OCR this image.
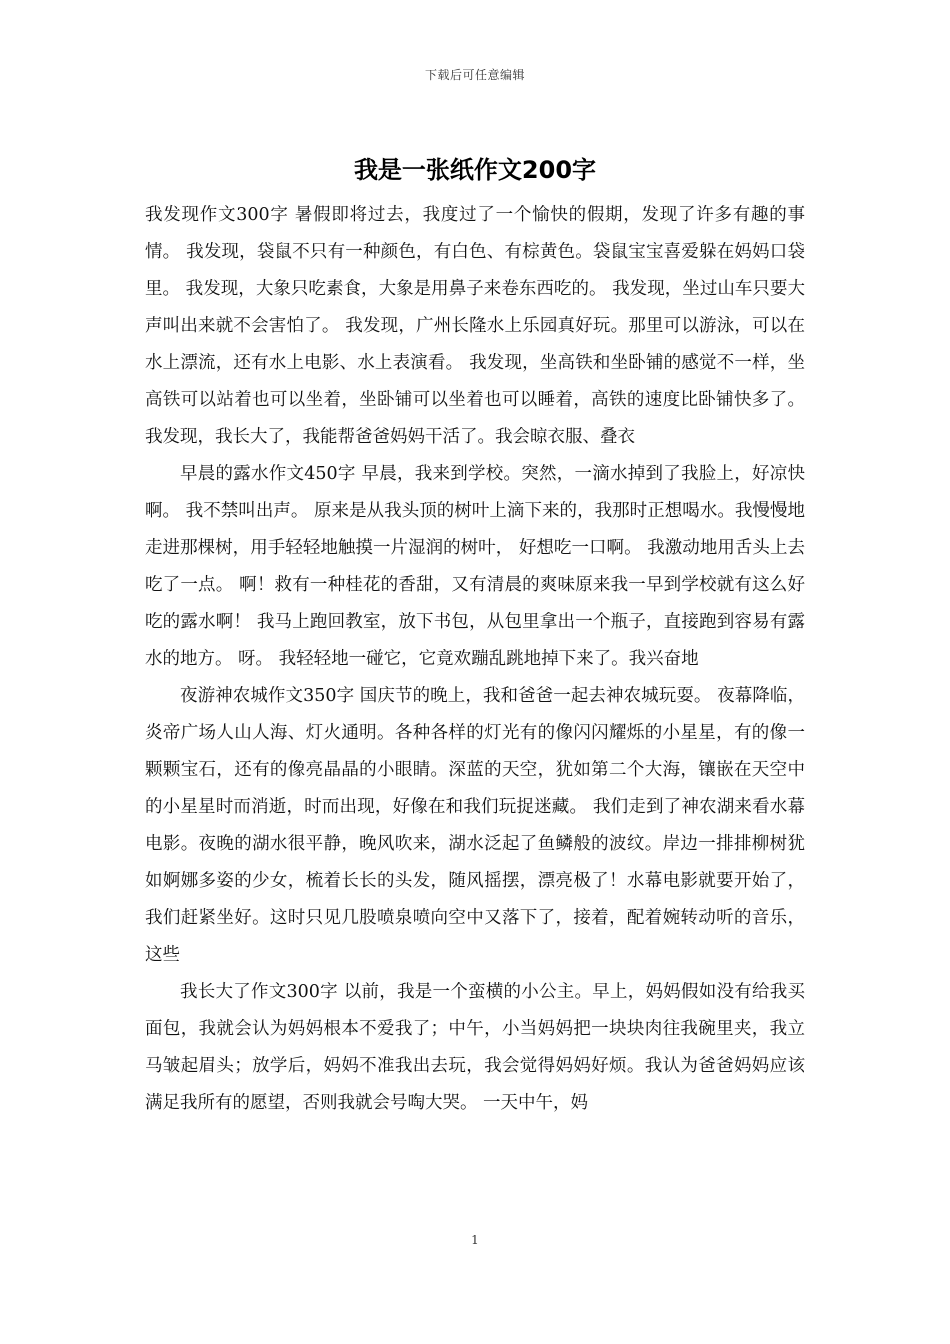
下载后可任意编辑
我是一张纸作文200字

我发现作文300字 暑假即将过去，我度过了一个愉快的假期，发现了许多有趣的事情。 我发现，袋鼠不只有一种颜色，有白色、有棕黄色。袋鼠宝宝喜爱躲在妈妈口袋里。 我发现，大象只吃素食，大象是用鼻子来卷东西吃的。 我发现，坐过山车只要大声叫出来就不会害怕了。 我发现，广州长隆水上乐园真好玩。那里可以游泳，可以在水上漂流，还有水上电影、水上表演看。 我发现，坐高铁和坐卧铺的感觉不一样，坐高铁可以站着也可以坐着，坐卧铺可以坐着也可以睡着，高铁的速度比卧铺快多了。 我发现，我长大了，我能帮爸爸妈妈干活了。我会晾衣服、叠衣

早晨的露水作文450字 早晨，我来到学校。突然，一滴水掉到了我脸上，好凉快啊。 我不禁叫出声。 原来是从我头顶的树叶上滴下来的，我那时正想喝水。我慢慢地走进那棵树，用手轻轻地触摸一片湿润的树叶， 好想吃一口啊。 我激动地用舌头上去吃了一点。 啊！救有一种桂花的香甜，又有清晨的爽味原来我一早到学校就有这么好吃的露水啊！ 我马上跑回教室，放下书包，从包里拿出一个瓶子，直接跑到容易有露水的地方。 呀。 我轻轻地一碰它，它竟欢蹦乱跳地掉下来了。我兴奋地

夜游神农城作文350字 国庆节的晚上，我和爸爸一起去神农城玩耍。 夜幕降临，炎帝广场人山人海、灯火通明。各种各样的灯光有的像闪闪耀烁的小星星，有的像一颗颗宝石，还有的像亮晶晶的小眼睛。深蓝的天空，犹如第二个大海，镶嵌在天空中的小星星时而消逝，时而出现，好像在和我们玩捉迷藏。 我们走到了神农湖来看水幕电影。夜晚的湖水很平静，晚风吹来，湖水泛起了鱼鳞般的波纹。岸边一排排柳树犹如婀娜多姿的少女，梳着长长的头发，随风摇摆，漂亮极了！水幕电影就要开始了，我们赶紧坐好。这时只见几股喷泉喷向空中又落下了，接着，配着婉转动听的音乐，这些

我长大了作文300字 以前，我是一个蛮横的小公主。早上，妈妈假如没有给我买面包，我就会认为妈妈根本不爱我了；中午，小当妈妈把一块块肉往我碗里夹，我立马皱起眉头；放学后，妈妈不准我出去玩，我会觉得妈妈好烦。我认为爸爸妈妈应该满足我所有的愿望，否则我就会号啕大哭。 一天中午，妈

1
